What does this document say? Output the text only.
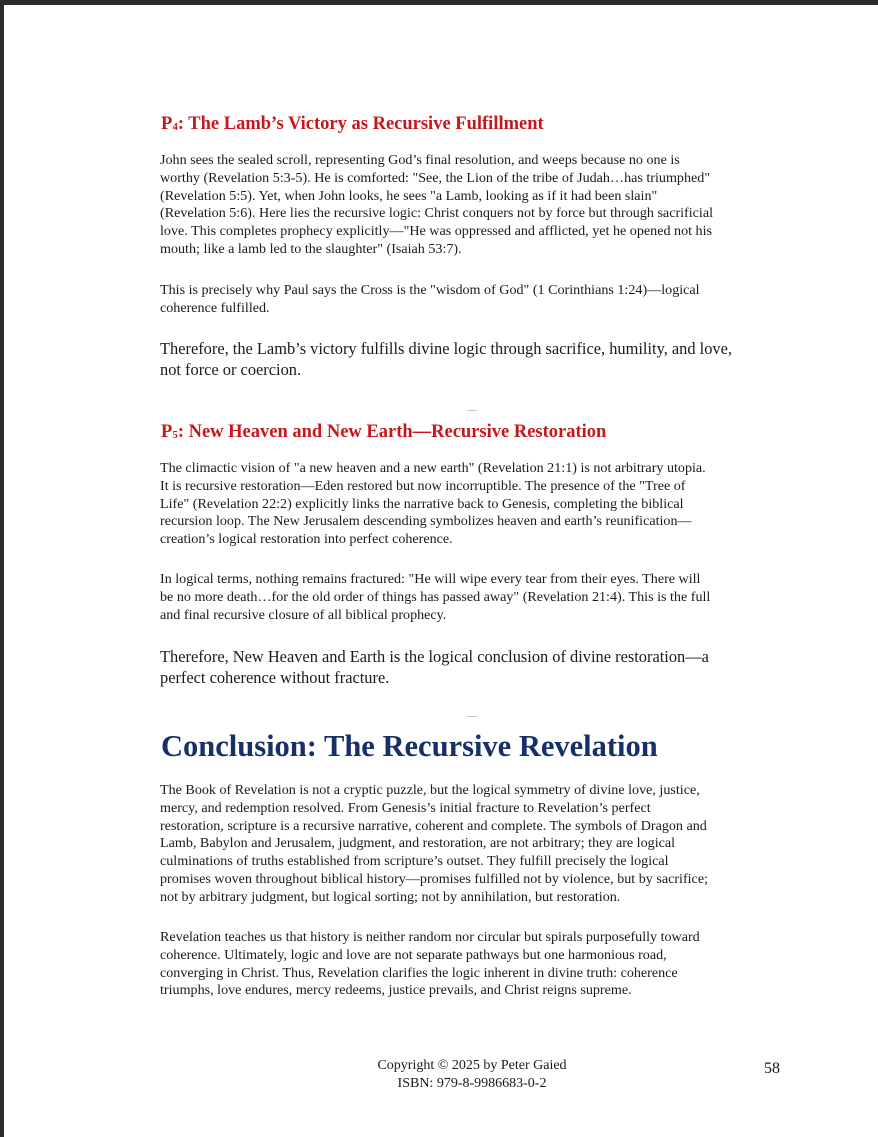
$P_4$: The Lamb’s Victory as Recursive Fulfillment

John sees the sealed scroll, representing God’s final resolution, and weeps because no one is
worthy (Revelation 5:3-5). He is comforted: "See, the Lion of the tribe of Judah…has triumphed"
(Revelation 5:5). Yet, when John looks, he sees "a Lamb, looking as if it had been slain"
(Revelation 5:6). Here lies the recursive logic: Christ conquers not by force but through sacrificial
love. This completes prophecy explicitly—"He was oppressed and afflicted, yet he opened not his
mouth; like a lamb led to the slaughter" (Isaiah 53:7).

This is precisely why Paul says the Cross is the "wisdom of God" (1 Corinthians 1:24)—logical
coherence fulfilled.

Therefore, the Lamb’s victory fulfills divine logic through sacrifice, humility, and love,
not force or coercion.

$P_5$: New Heaven and New Earth—Recursive Restoration

The climactic vision of "a new heaven and a new earth" (Revelation 21:1) is not arbitrary utopia.
It is recursive restoration—Eden restored but now incorruptible. The presence of the "Tree of
Life" (Revelation 22:2) explicitly links the narrative back to Genesis, completing the biblical
recursion loop. The New Jerusalem descending symbolizes heaven and earth’s reunification—
creation’s logical restoration into perfect coherence.

In logical terms, nothing remains fractured: "He will wipe every tear from their eyes. There will
be no more death…for the old order of things has passed away" (Revelation 21:4). This is the full
and final recursive closure of all biblical prophecy.

Therefore, New Heaven and Earth is the logical conclusion of divine restoration—a
perfect coherence without fracture.

Conclusion: The Recursive Revelation

The Book of Revelation is not a cryptic puzzle, but the logical symmetry of divine love, justice,
mercy, and redemption resolved. From Genesis’s initial fracture to Revelation’s perfect
restoration, scripture is a recursive narrative, coherent and complete. The symbols of Dragon and
Lamb, Babylon and Jerusalem, judgment, and restoration, are not arbitrary; they are logical
culminations of truths established from scripture’s outset. They fulfill precisely the logical
promises woven throughout biblical history—promises fulfilled not by violence, but by sacrifice;
not by arbitrary judgment, but logical sorting; not by annihilation, but restoration.

Revelation teaches us that history is neither random nor circular but spirals purposefully toward
coherence. Ultimately, logic and love are not separate pathways but one harmonious road,
converging in Christ. Thus, Revelation clarifies the logic inherent in divine truth: coherence
triumphs, love endures, mercy redeems, justice prevails, and Christ reigns supreme.

Copyright © 2025 by Peter Gaied
ISBN: 979-8-9986683-0-2
58
